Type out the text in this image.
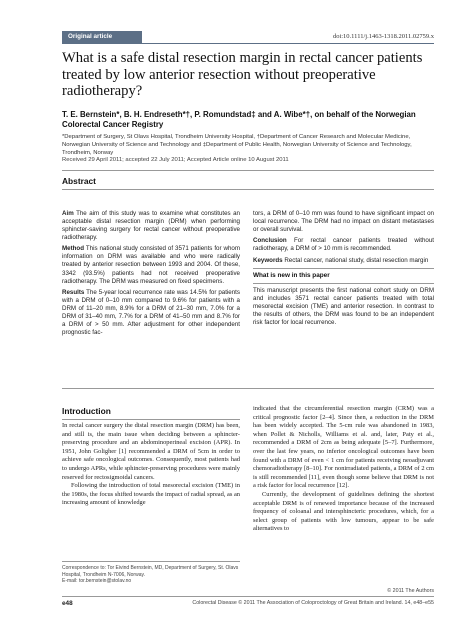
Original article	doi:10.1111/j.1463-1318.2011.02759.x
What is a safe distal resection margin in rectal cancer patients treated by low anterior resection without preoperative radiotherapy?
T. E. Bernstein*, B. H. Endreseth*†, P. Romundstad‡ and A. Wibe*†, on behalf of the Norwegian Colorectal Cancer Registry
*Department of Surgery, St Olavs Hospital, Trondheim University Hospital, †Department of Cancer Research and Molecular Medicine, Norwegian University of Science and Technology and ‡Department of Public Health, Norwegian University of Science and Technology, Trondheim, Norway
Received 29 April 2011; accepted 22 July 2011; Accepted Article online 10 August 2011
Abstract

Aim The aim of this study was to examine what constitutes an acceptable distal resection margin (DRM) when performing sphincter-saving surgery for rectal cancer without preoperative radiotherapy.

Method This national study consisted of 3571 patients for whom information on DRM was available and who were radically treated by anterior resection between 1993 and 2004. Of these, 3342 (93.5%) patients had not received preoperative radiotherapy. The DRM was measured on fixed specimens.

Results The 5-year local recurrence rate was 14.5% for patients with a DRM of 0–10 mm compared to 9.6% for patients with a DRM of 11–20 mm, 8.9% for a DRM of 21–30 mm, 7.0% for a DRM of 31–40 mm, 7.7% for a DRM of 41–50 mm and 8.7% for a DRM of > 50 mm. After adjustment for other independent prognostic fac-

tors, a DRM of 0–10 mm was found to have significant impact on local recurrence. The DRM had no impact on distant metastases or overall survival.

Conclusion For rectal cancer patients treated without radiotherapy, a DRM of > 10 mm is recommended.

Keywords Rectal cancer, national study, distal resection margin

What is new in this paper

This manuscript presents the first national cohort study on DRM and includes 3571 rectal cancer patients treated with total mesorectal excision (TME) and anterior resection. In contrast to the results of others, the DRM was found to be an independent risk factor for local recurrence.

Introduction

In rectal cancer surgery the distal resection margin (DRM) has been, and still is, the main issue when deciding between a sphincter-preserving procedure and an abdominoperineal excision (APR). In 1951, John Goligher [1] recommended a DRM of 5cm in order to achieve safe oncological outcomes. Consequently, most patients had to undergo APRs, while sphincter-preserving procedures were mainly reserved for rectosigmoidal cancers.

Following the introduction of total mesorectal excision (TME) in the 1980s, the focus shifted towards the impact of radial spread, as an increasing amount of knowledge

indicated that the circumferential resection margin (CRM) was a critical prognostic factor [2–4]. Since then, a reduction in the DRM has been widely accepted. The 5-cm rule was abandoned in 1983, when Pollet & Nicholls, Williams et al. and, later, Paty et al., recommended a DRM of 2cm as being adequate [5–7]. Furthermore, over the last few years, no inferior oncological outcomes have been found with a DRM of even < 1 cm for patients receiving neoadjuvant chemoradiotherapy [8–10]. For nonirradiated patients, a DRM of 2 cm is still recommended [11], even though some believe that DRM is not a risk factor for local recurrence [12].

Currently, the development of guidelines defining the shortest acceptable DRM is of renewed importance because of the increased frequency of coloanal and intersphincteric procedures, which, for a select group of patients with low tumours, appear to be safe alternatives to

Correspondence to: Tor Eivind Bernstein, MD, Department of Surgery, St. Olavs Hospital, Trondheim N-7006, Norway.
E-mail: tor.bernstein@stolav.no
© 2011 The Authors
e48	Colorectal Disease © 2011 The Association of Coloproctology of Great Britain and Ireland. 14, e48–e55
